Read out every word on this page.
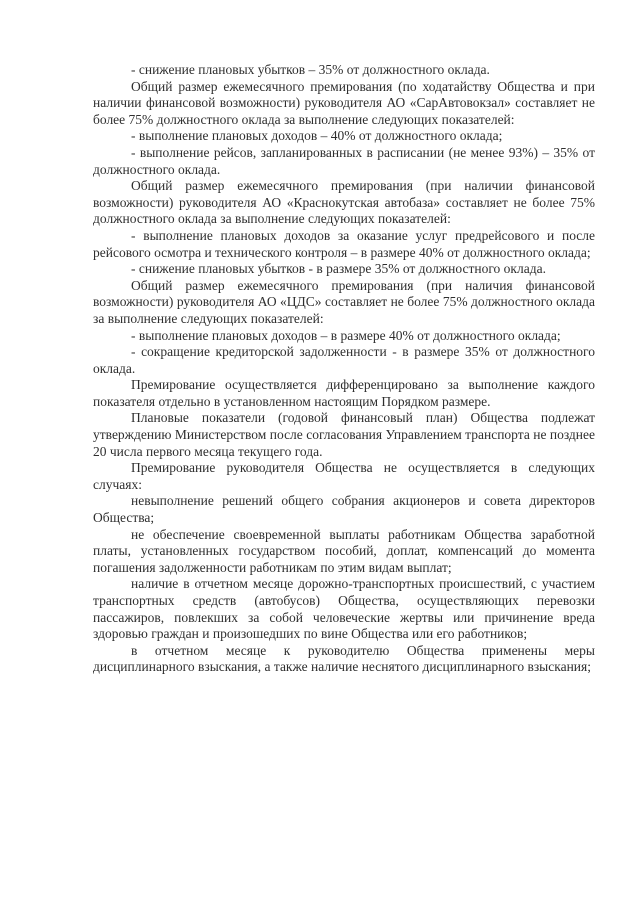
- снижение плановых убытков – 35% от должностного оклада.

Общий размер ежемесячного премирования (по ходатайству Общества и при наличии финансовой возможности) руководителя АО «СарАвтовокзал» составляет не более 75% должностного оклада за выполнение следующих показателей:

- выполнение плановых доходов – 40% от должностного оклада;

- выполнение рейсов, запланированных в расписании (не менее 93%) – 35% от должностного оклада.

Общий размер ежемесячного премирования (при наличии финансовой возможности) руководителя АО «Краснокутская автобаза» составляет не более 75% должностного оклада за выполнение следующих показателей:

- выполнение плановых доходов за оказание услуг предрейсового и после рейсового осмотра и технического контроля – в размере 40% от должностного оклада;

- снижение плановых убытков - в размере 35% от должностного оклада.

Общий размер ежемесячного премирования (при наличия финансовой возможности) руководителя АО «ЦДС» составляет не более 75% должностного оклада за выполнение следующих показателей:

- выполнение плановых доходов – в размере 40% от должностного оклада;

- сокращение кредиторской задолженности - в размере 35% от должностного оклада.

Премирование осуществляется дифференцировано за выполнение каждого показателя отдельно в установленном настоящим Порядком размере.

Плановые показатели (годовой финансовый план) Общества подлежат утверждению Министерством после согласования Управлением транспорта не позднее 20 числа первого месяца текущего года.

Премирование руководителя Общества не осуществляется в следующих случаях:

невыполнение решений общего собрания акционеров и совета директоров Общества;

не обеспечение своевременной выплаты работникам Общества заработной платы, установленных государством пособий, доплат, компенсаций до момента погашения задолженности работникам по этим видам выплат;

наличие в отчетном месяце дорожно-транспортных происшествий, с участием транспортных средств (автобусов) Общества, осуществляющих перевозки пассажиров, повлекших за собой человеческие жертвы или причинение вреда здоровью граждан и произошедших по вине Общества или его работников;

в отчетном месяце к руководителю Общества применены меры дисциплинарного взыскания, а также наличие неснятого дисциплинарного взыскания;
